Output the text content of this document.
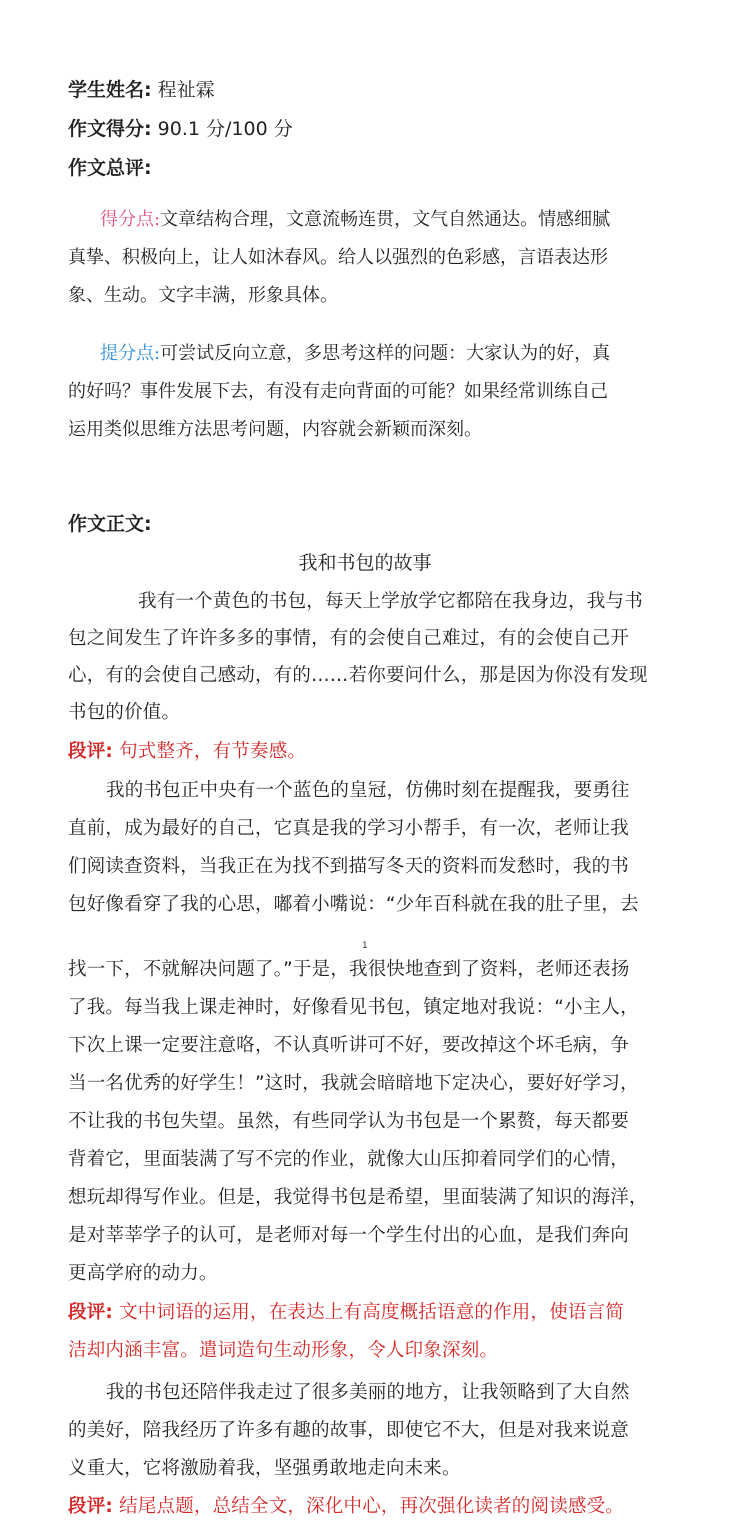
学生姓名: 程祉霖
作文得分: 90.1 分/100 分
作文总评:
得分点:文章结构合理，文意流畅连贯，文气自然通达。情感细腻
真挚、积极向上，让人如沐春风。给人以强烈的色彩感，言语表达形
象、生动。文字丰满，形象具体。
提分点:可尝试反向立意，多思考这样的问题：大家认为的好，真
的好吗？事件发展下去，有没有走向背面的可能？如果经常训练自己
运用类似思维方法思考问题，内容就会新颖而深刻。
作文正文:
我和书包的故事
我有一个黄色的书包，每天上学放学它都陪在我身边，我与书
包之间发生了许许多多的事情，有的会使自己难过，有的会使自己开
心，有的会使自己感动，有的……若你要问什么，那是因为你没有发现
书包的价值。
段评: 句式整齐，有节奏感。
我的书包正中央有一个蓝色的皇冠，仿佛时刻在提醒我，要勇往
直前，成为最好的自己，它真是我的学习小帮手，有一次，老师让我
们阅读查资料，当我正在为找不到描写冬天的资料而发愁时，我的书
包好像看穿了我的心思，嘟着小嘴说：“少年百科就在我的肚子里，去
1
找一下，不就解决问题了。”于是，我很快地查到了资料，老师还表扬
了我。每当我上课走神时，好像看见书包，镇定地对我说：“小主人，
下次上课一定要注意咯，不认真听讲可不好，要改掉这个坏毛病，争
当一名优秀的好学生！”这时，我就会暗暗地下定决心，要好好学习，
不让我的书包失望。虽然，有些同学认为书包是一个累赘，每天都要
背着它，里面装满了写不完的作业，就像大山压抑着同学们的心情，
想玩却得写作业。但是，我觉得书包是希望，里面装满了知识的海洋，
是对莘莘学子的认可，是老师对每一个学生付出的心血，是我们奔向
更高学府的动力。
段评: 文中词语的运用，在表达上有高度概括语意的作用，使语言简
洁却内涵丰富。遣词造句生动形象，令人印象深刻。
我的书包还陪伴我走过了很多美丽的地方，让我领略到了大自然
的美好，陪我经历了许多有趣的故事，即使它不大，但是对我来说意
义重大，它将激励着我，坚强勇敢地走向未来。
段评: 结尾点题，总结全文，深化中心，再次强化读者的阅读感受。
